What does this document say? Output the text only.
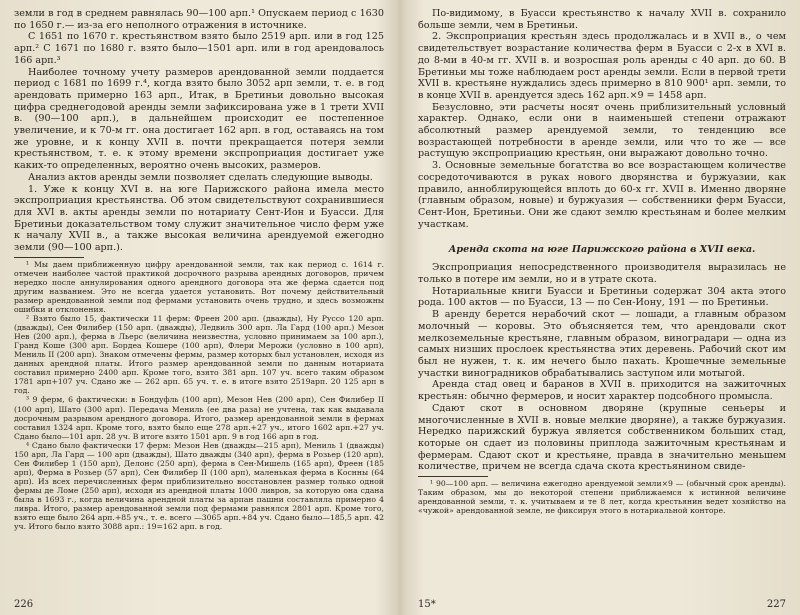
земли в год в среднем равнялась 90—100 арп.¹ Опускаем период с 1630 по 1650 г.— из-за его неполного отражения в источнике.

С 1651 по 1670 г. крестьянством взято было 2519 арп. или в год 125 арп.² С 1671 по 1680 г. взято было—1501 арп. или в год арендовалось 166 арп.³

Наиболее точному учету размеров арендованной земли поддается период с 1681 по 1699 г.⁴, когда взято было 3052 арп земли, т. е. в год арендовать примерно 163 арп., Итак, в Бретиньи довольно высокая цифра среднегодовой аренды земли зафиксирована уже в 1 трети XVII в. (90—100 арп.), в дальнейшем происходит ее постепенное увеличение, и к 70-м гг. она достигает 162 арп. в год, оставаясь на том же уровне, и к концу XVII в. почти прекращается потеря земли крестьянством, т. е. к этому времени экспроприация достигает уже каких-то определенных, вероятно очень высоких, размеров.

Анализ актов аренды земли позволяет сделать следующие выводы.

1. Уже к концу XVI в. на юге Парижского района имела место экспроприация крестьянства. Об этом свидетельствуют сохранившиеся для XVI в. акты аренды земли по нотариату Сент-Ион и Буасси. Для Бретиньи доказательством тому служит значительное число ферм уже к началу XVII в., а также высокая величина арендуемой ежегодно земли (90—100 арп.).

¹ Мы даем приближенную цифру арендованной земли, так как период с. 1614 г. отмечен наиболее частой практикой досрочного разрыва арендных договоров, причем нередко после аннулирования одного арендного договора эта же ферма сдается под другим названием. Это не всегда удается установить. Вот почему действительный размер арендованной земли под фермами установить очень трудно, и здесь возможны ошибки и отклонения.

² Взято было 15, фактически 11 ферм: Фреен 200 арп. (дважды), Ну Руссо 120 арп. (дважды), Сен Филибер (150 арп. (дважды), Ледвиль 300 арп. Ла Гард (100 арп.) Мезон Нев (200 арп.), ферма в Льерс (величина неизвестна, условно принимаем за 100 арп.), Гранд Коше (300 арп. Бордеа Кошере (100 арп), Флери Мерожи (условно в 100 арп), Мениль II (200 арп). Знаком отмечены фермы, размер которых был установлен, исходя из данных арендной платы. Итого размер арендованной земли по данным нотариата составил примерно 2400 арп. Кроме того, взято 381 арп. 107 уч. всего таким образом 1781 арп+107 уч. Сдано же — 262 арп. 65 уч. т. е. в итоге взято 2519арп. 20 125 арп в год.

³ 9 ферм, 6 фактически: в Бондуфль (100 арп), Мезон Нев (200 арп), Сен Филибер II (100 арп), Шато (300 арп). Передача Мениль (ее два раза) не учтена, так как выдавала досрочным разрывом арендного договора. Итого, размер арендованной земли в фермах составил 1324 арп. Кроме того, взято было еще 278 арп.+27 уч., итого 1602 арп.+27 уч. Сдано было—101 арп. 28 уч. В итоге взято 1501 арп. 9 в год 166 арп в год.

⁴ Сдано было фактически 17 ферм: Мезон Нев (дважды—215 арп), Мениль 1 (дважды) 150 арп, Ла Гард — 100 арп (дважды), Шато дважды (340 арп), ферма в Розьер (120 арп), Сен Филибер 1 (150 арп), Делонс (250 арп), ферма в Сен-Мишель (165 арп), Фреен (185 арп), Ферма в Розьер (57 арп), Сен Филибер II (100 арп), маленькая ферма в Коснны (64 арп). Из всех перечисленных ферм приблизительно восстановлен размер только одной фермы де Ломе (250 арп), исходя из арендной платы 1000 ливров, за которую она сдана была в 1693 г., когда величина арендной платы за арпан пашни составляла примерно 4 ливра. Итого, размер арендованной земли под фермами равнялся 2801 арп. Кроме того, взято еще было 264 арп.+85 уч., т. е. всего —3065 арп.+84 уч. Сдано было—185,5 арп. 42 уч. Итого было взято 3088 арп.: 19=162 арп. в год.

226

По-видимому, в Буасси крестьянство к началу XVII в. сохранило больше земли, чем в Бретиньи.

2. Экспроприация крестьян здесь продолжалась и в XVII в., о чем свидетельствует возрастание количества ферм в Буасси с 2-х в XVI в. до 8-ми в 40-м гг. XVII в. и возросшая роль аренды с 40 арп. до 60. В Бретиньи мы тоже наблюдаем рост аренды земли. Если в первой трети XVII в. крестьяне нуждались здесь примерно в 810 900¹ арп. земли, то в конце XVII в. арендуется здесь 162 арп.×9 = 1458 арп.

Безусловно, эти расчеты носят очень приблизительный условный характер. Однако, если они в наименьшей степени отражают абсолютный размер арендуемой земли, то тенденцию все возрастающей потребности в аренде земли, или что то же — все растущую экспроприацию крестьян, они выражают довольно точно.

3. Основные земельные богатства во все возрастающем количестве сосредоточиваются в руках нового дворянства и буржуазии, как правило, анноблирующейся вплоть до 60-х гг. XVII в. Именно дворяне (главным образом, новые) и буржуазия — собственники ферм Буасси, Сент-Ион, Бретиньи. Они же сдают землю крестьянам и более мелким участкам.

Аренда скота на юге Парижского района в XVII века.

Экспроприация непосредственного производителя выразилась не только в потере им земли, но и в утрате скота.

Нотариальные книги Буасси и Бретиньи содержат 304 акта этого рода. 100 актов — по Буасси, 13 — по Сен-Иону, 191 — по Бретиньи.

В аренду берется нерабочий скот — лошади, а главным образом молочный — коровы. Это объясняется тем, что арендовали скот мелкоземельные крестьяне, главным образом, виноградари — одна из самых низших прослоек крестьянства этих деревень. Рабочий скот им был не нужен, т. к. им нечего было пахать. Крошечные земельные участки виноградников обрабатывались заступом или мотыгой.

Аренда стад овец и баранов в XVII в. приходится на зажиточных крестьян: обычно фермеров, и носит характер подсобного промысла.

Сдают скот в основном дворяне (крупные сеньеры и многочисленные в XVII в. новые мелкие дворяне), а также буржуазия. Нередко парижский буржуа является собственником больших стад, которые он сдает из половины приплода зажиточным крестьянам и фермерам. Сдают скот и крестьяне, правда в значительно меньшем количестве, причем не всегда сдача скота крестьянином свиде-

¹ 90—100 арп. — величина ежегодно арендуемой земли×9 — (обычный срок аренды). Таким образом, мы до некоторой степени приближаемся к истинной величине арендованной земли, т. к. учитываем и те 8 лет, когда крестьянин ведет хозяйство на «чужой» арендованной земле, не фиксируя этого в нотариальной конторе.

15*	227
